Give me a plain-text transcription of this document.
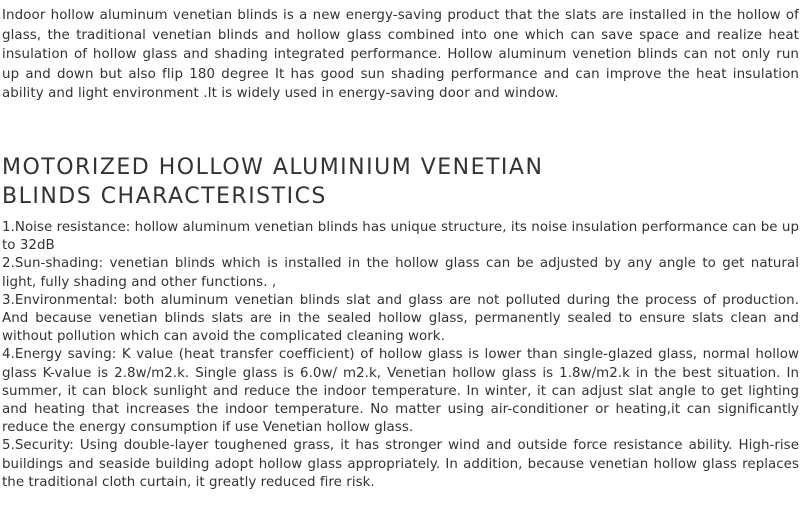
Indoor hollow aluminum venetian blinds is a new energy-saving product that the slats are installed in the hollow of glass, the traditional venetian blinds and hollow glass combined into one which can save space and realize heat insulation of hollow glass and shading integrated performance. Hollow aluminum venetion blinds can not only run up and down but also flip 180 degree It has good sun shading performance and can improve the heat insulation ability and light environment .It is widely used in energy-saving door and window.

MOTORIZED HOLLOW ALUMINIUM VENETIAN
BLINDS CHARACTERISTICS
1.Noise resistance: hollow aluminum venetian blinds has unique structure, its noise insulation performance can be up to 32dB
2.Sun-shading: venetian blinds which is installed in the hollow glass can be adjusted by any angle to get natural light, fully shading and other functions. ,
3.Environmental: both aluminum venetian blinds slat and glass are not polluted during the process of production. And because venetian blinds slats are in the sealed hollow glass, permanently sealed to ensure slats clean and without pollution which can avoid the complicated cleaning work.
4.Energy saving: K value (heat transfer coefficient) of hollow glass is lower than single-glazed glass, normal hollow glass K-value is 2.8w/m2.k. Single glass is 6.0w/ m2.k, Venetian hollow glass is 1.8w/m2.k in the best situation. In summer, it can block sunlight and reduce the indoor temperature. In winter, it can adjust slat angle to get lighting and heating that increases the indoor temperature. No matter using air-conditioner or heating,it can significantly reduce the energy consumption if use Venetian hollow glass.
5.Security: Using double-layer toughened grass, it has stronger wind and outside force resistance ability. High-rise buildings and seaside building adopt hollow glass appropriately. In addition, because venetian hollow glass replaces the traditional cloth curtain, it greatly reduced fire risk.
